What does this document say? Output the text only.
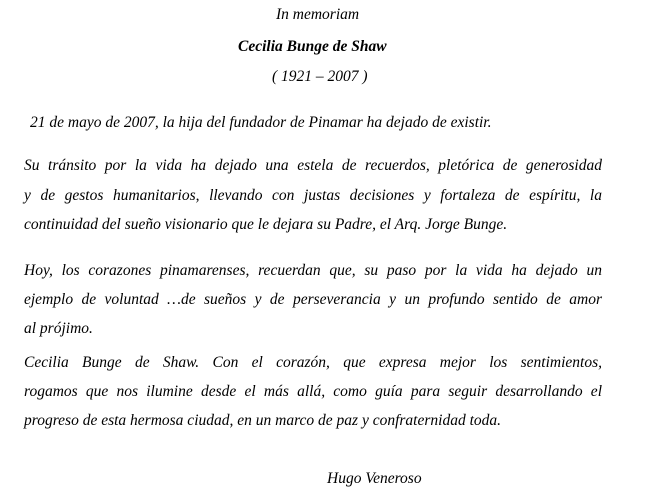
In memoriam
Cecilia Bunge de Shaw
( 1921 – 2007 )
21 de mayo de 2007, la hija del fundador de Pinamar ha dejado de existir.
Su tránsito por la vida ha dejado una estela de recuerdos, pletórica de generosidad
y de gestos humanitarios, llevando con justas decisiones y fortaleza de espíritu, la
continuidad del sueño visionario que le dejara su Padre, el Arq. Jorge Bunge.
Hoy, los corazones pinamarenses, recuerdan que, su paso por la vida ha dejado un
ejemplo de voluntad …de sueños y de perseverancia y un profundo sentido de amor
al prójimo.
Cecilia Bunge de Shaw. Con el corazón, que expresa mejor los sentimientos,
rogamos que nos ilumine desde el más allá, como guía para seguir desarrollando el
progreso de esta hermosa ciudad, en un marco de paz y confraternidad toda.
Hugo Veneroso
